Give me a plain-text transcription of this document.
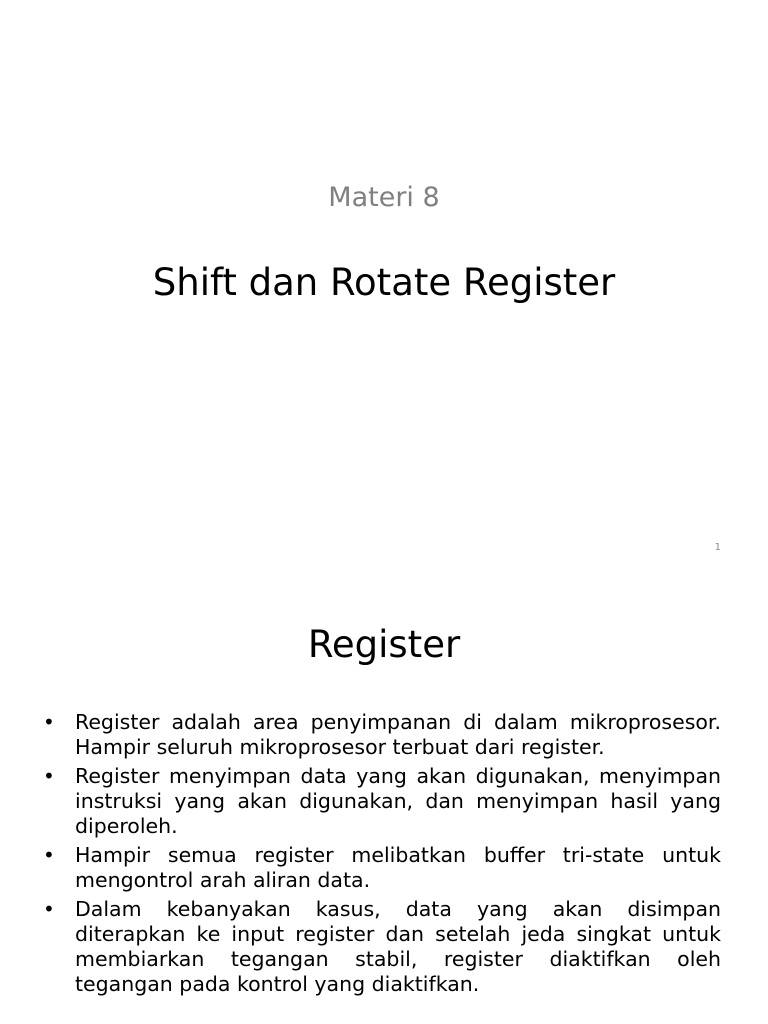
Materi 8
Shift dan Rotate Register
1
Register
• Register adalah area penyimpanan di dalam mikroprosesor. Hampir seluruh mikroprosesor terbuat dari register.
• Register menyimpan data yang akan digunakan, menyimpan instruksi yang akan digunakan, dan menyimpan hasil yang diperoleh.
• Hampir semua register melibatkan buffer tri-state untuk mengontrol arah aliran data.
• Dalam kebanyakan kasus, data yang akan disimpan diterapkan ke input register dan setelah jeda singkat untuk membiarkan tegangan stabil, register diaktifkan oleh tegangan pada kontrol yang diaktifkan.
